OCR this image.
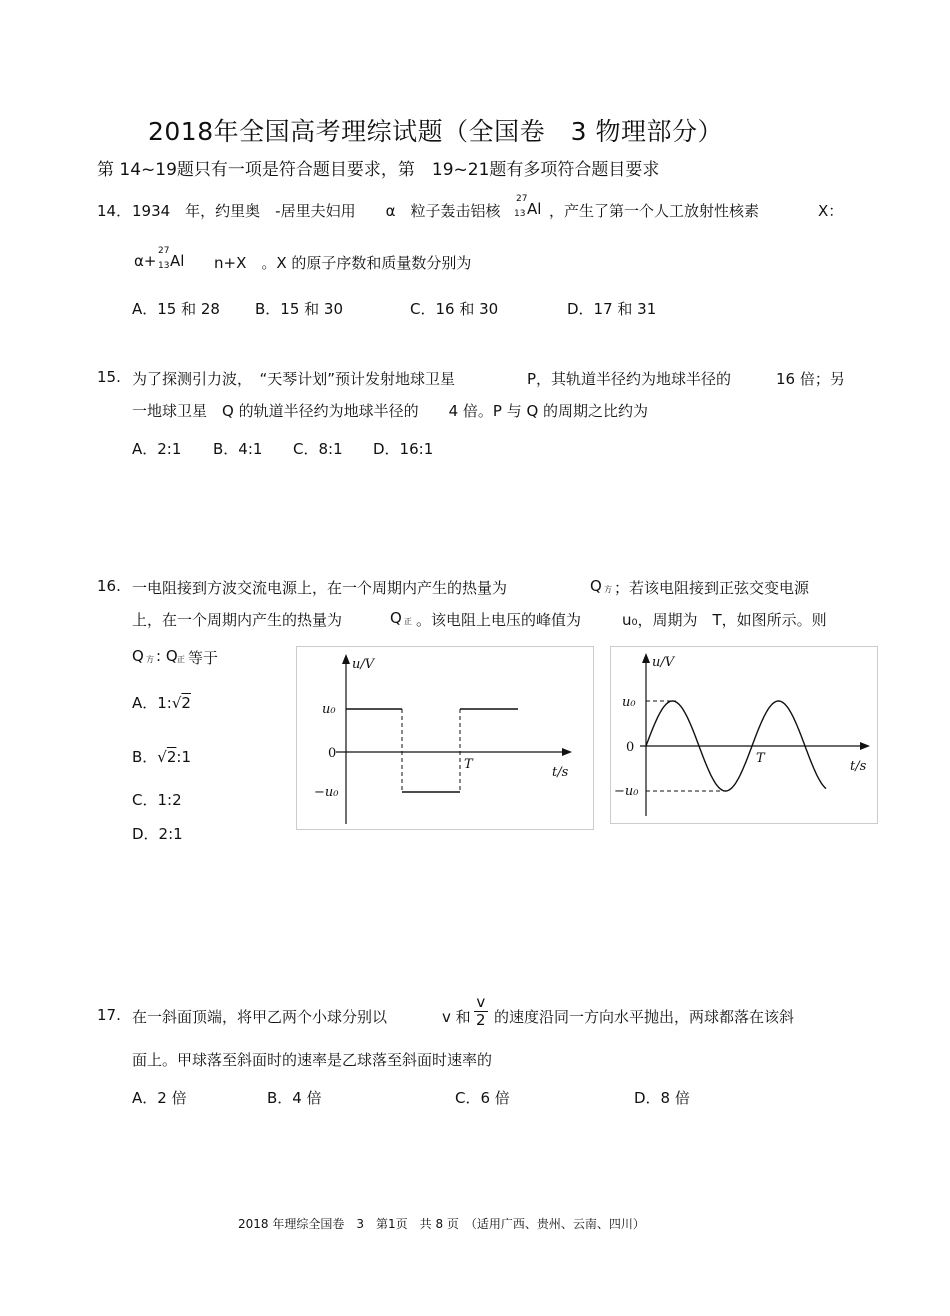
2018年全国高考理综试题（全国卷　3 物理部分）
第 14~19题只有一项是符合题目要求，第　19~21题有多项符合题目要求
14． 1934　年，约里奥　-居里夫妇用　　α　粒子轰击铝核
27
13 Al ，产生了第一个人工放射性核素	X：
α+
27
13 Al n+X　。X 的原子序数和质量数分别为
A．15 和 28 B．15 和 30	C．16 和 30	D．17 和 31
15. 为了探测引力波，　“天琴计划”预计发射地球卫星	P，其轨道半径约为地球半径的	16 倍；另
一地球卫星　Q 的轨道半径约为地球半径的　　4 倍。P 与 Q 的周期之比约为
A．2:1 B．4:1 C．8:1 D．16:1
16. 一电阻接到方波交流电源上，在一个周期内产生的热量为	Q 方 ；若该电阻接到正弦交变电源
上，在一个周期内产生的热量为	Q 正 。该电阻上电压的峰值为	u₀，周期为　T，如图所示。则
Q 方 : Q 正 等于
A．1:√2
B．√2:1
C．1:2
D．2:1
u/V
u₀
0
−u₀
T
t/s
u/V
u₀
0
−u₀
T
t/s
17. 在一斜面顶端，将甲乙两个小球分别以	v 和 $\frac{v}{2}$ 的速度沿同一方向水平抛出，两球都落在该斜
面上。甲球落至斜面时的速率是乙球落至斜面时速率的
A．2 倍	B．4 倍	C．6 倍	D．8 倍
2018 年理综全国卷　3　第1页　共 8 页　（适用广西、贵州、云南、四川）
